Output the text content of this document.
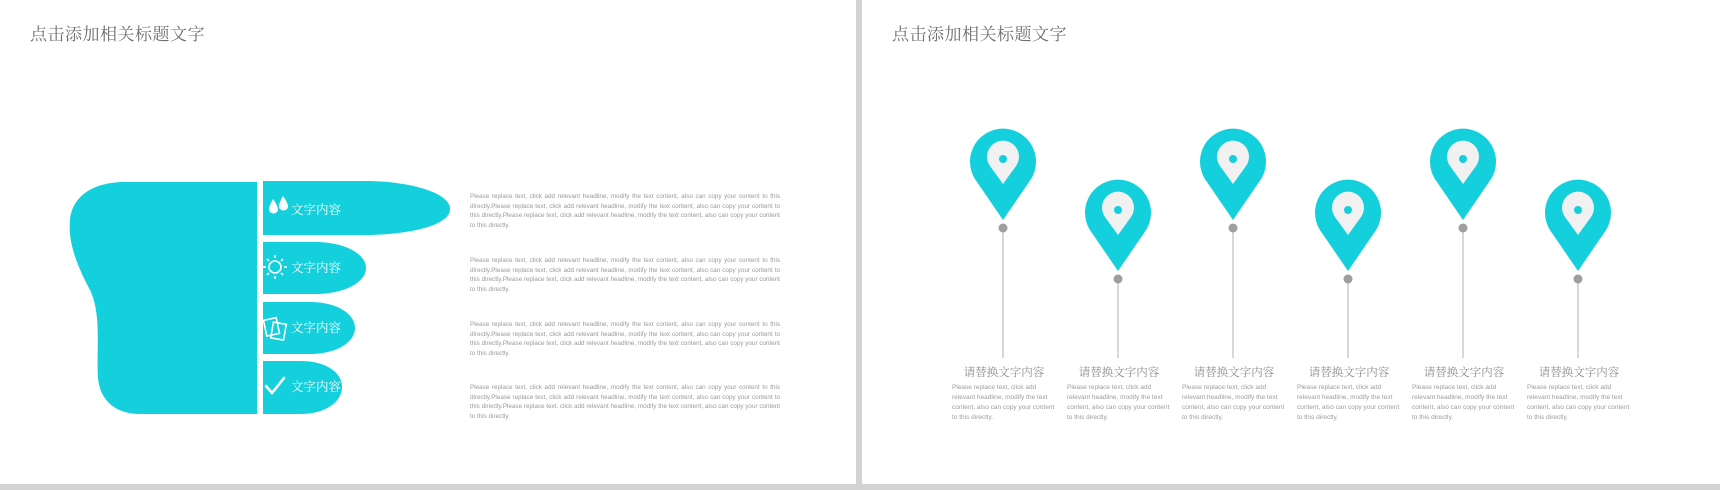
点击添加相关标题文字
文字内容
文字内容
文字内容
文字内容
Please replace text, click add relevant headline, modify the text content, also can copy your content to this directly.Please replace text, click add relevant headline, modify the text content, also can copy your content to this directly.Please replace text, click add relevant headline, modify the text content, also can copy your content to this directly.
Please replace text, click add relevant headline, modify the text content, also can copy your content to this directly.Please replace text, click add relevant headline, modify the text content, also can copy your content to this directly.Please replace text, click add relevant headline, modify the text content, also can copy your content to this directly.
Please replace text, click add relevant headline, modify the text content, also can copy your content to this directly.Please replace text, click add relevant headline, modify the text content, also can copy your content to this directly.Please replace text, click add relevant headline, modify the text content, also can copy your content to this directly.
Please replace text, click add relevant headline, modify the text content, also can copy your content to this directly.Please replace text, click add relevant headline, modify the text content, also can copy your content to this directly.Please replace text, click add relevant headline, modify the text content, also can copy your content to this directly.
点击添加相关标题文字
请替换文字内容
Please replace text, click add relevant headline, modify the text content, also can copy your content to this directly.
请替换文字内容
Please replace text, click add relevant headline, modify the text content, also can copy your content to this directly.
请替换文字内容
Please replace text, click add relevant headline, modify the text content, also can copy your content to this directly.
请替换文字内容
Please replace text, click add relevant headline, modify the text content, also can copy your content to this directly.
请替换文字内容
Please replace text, click add relevant headline, modify the text content, also can copy your content to this directly.
请替换文字内容
Please replace text, click add relevant headline, modify the text content, also can copy your content to this directly.
